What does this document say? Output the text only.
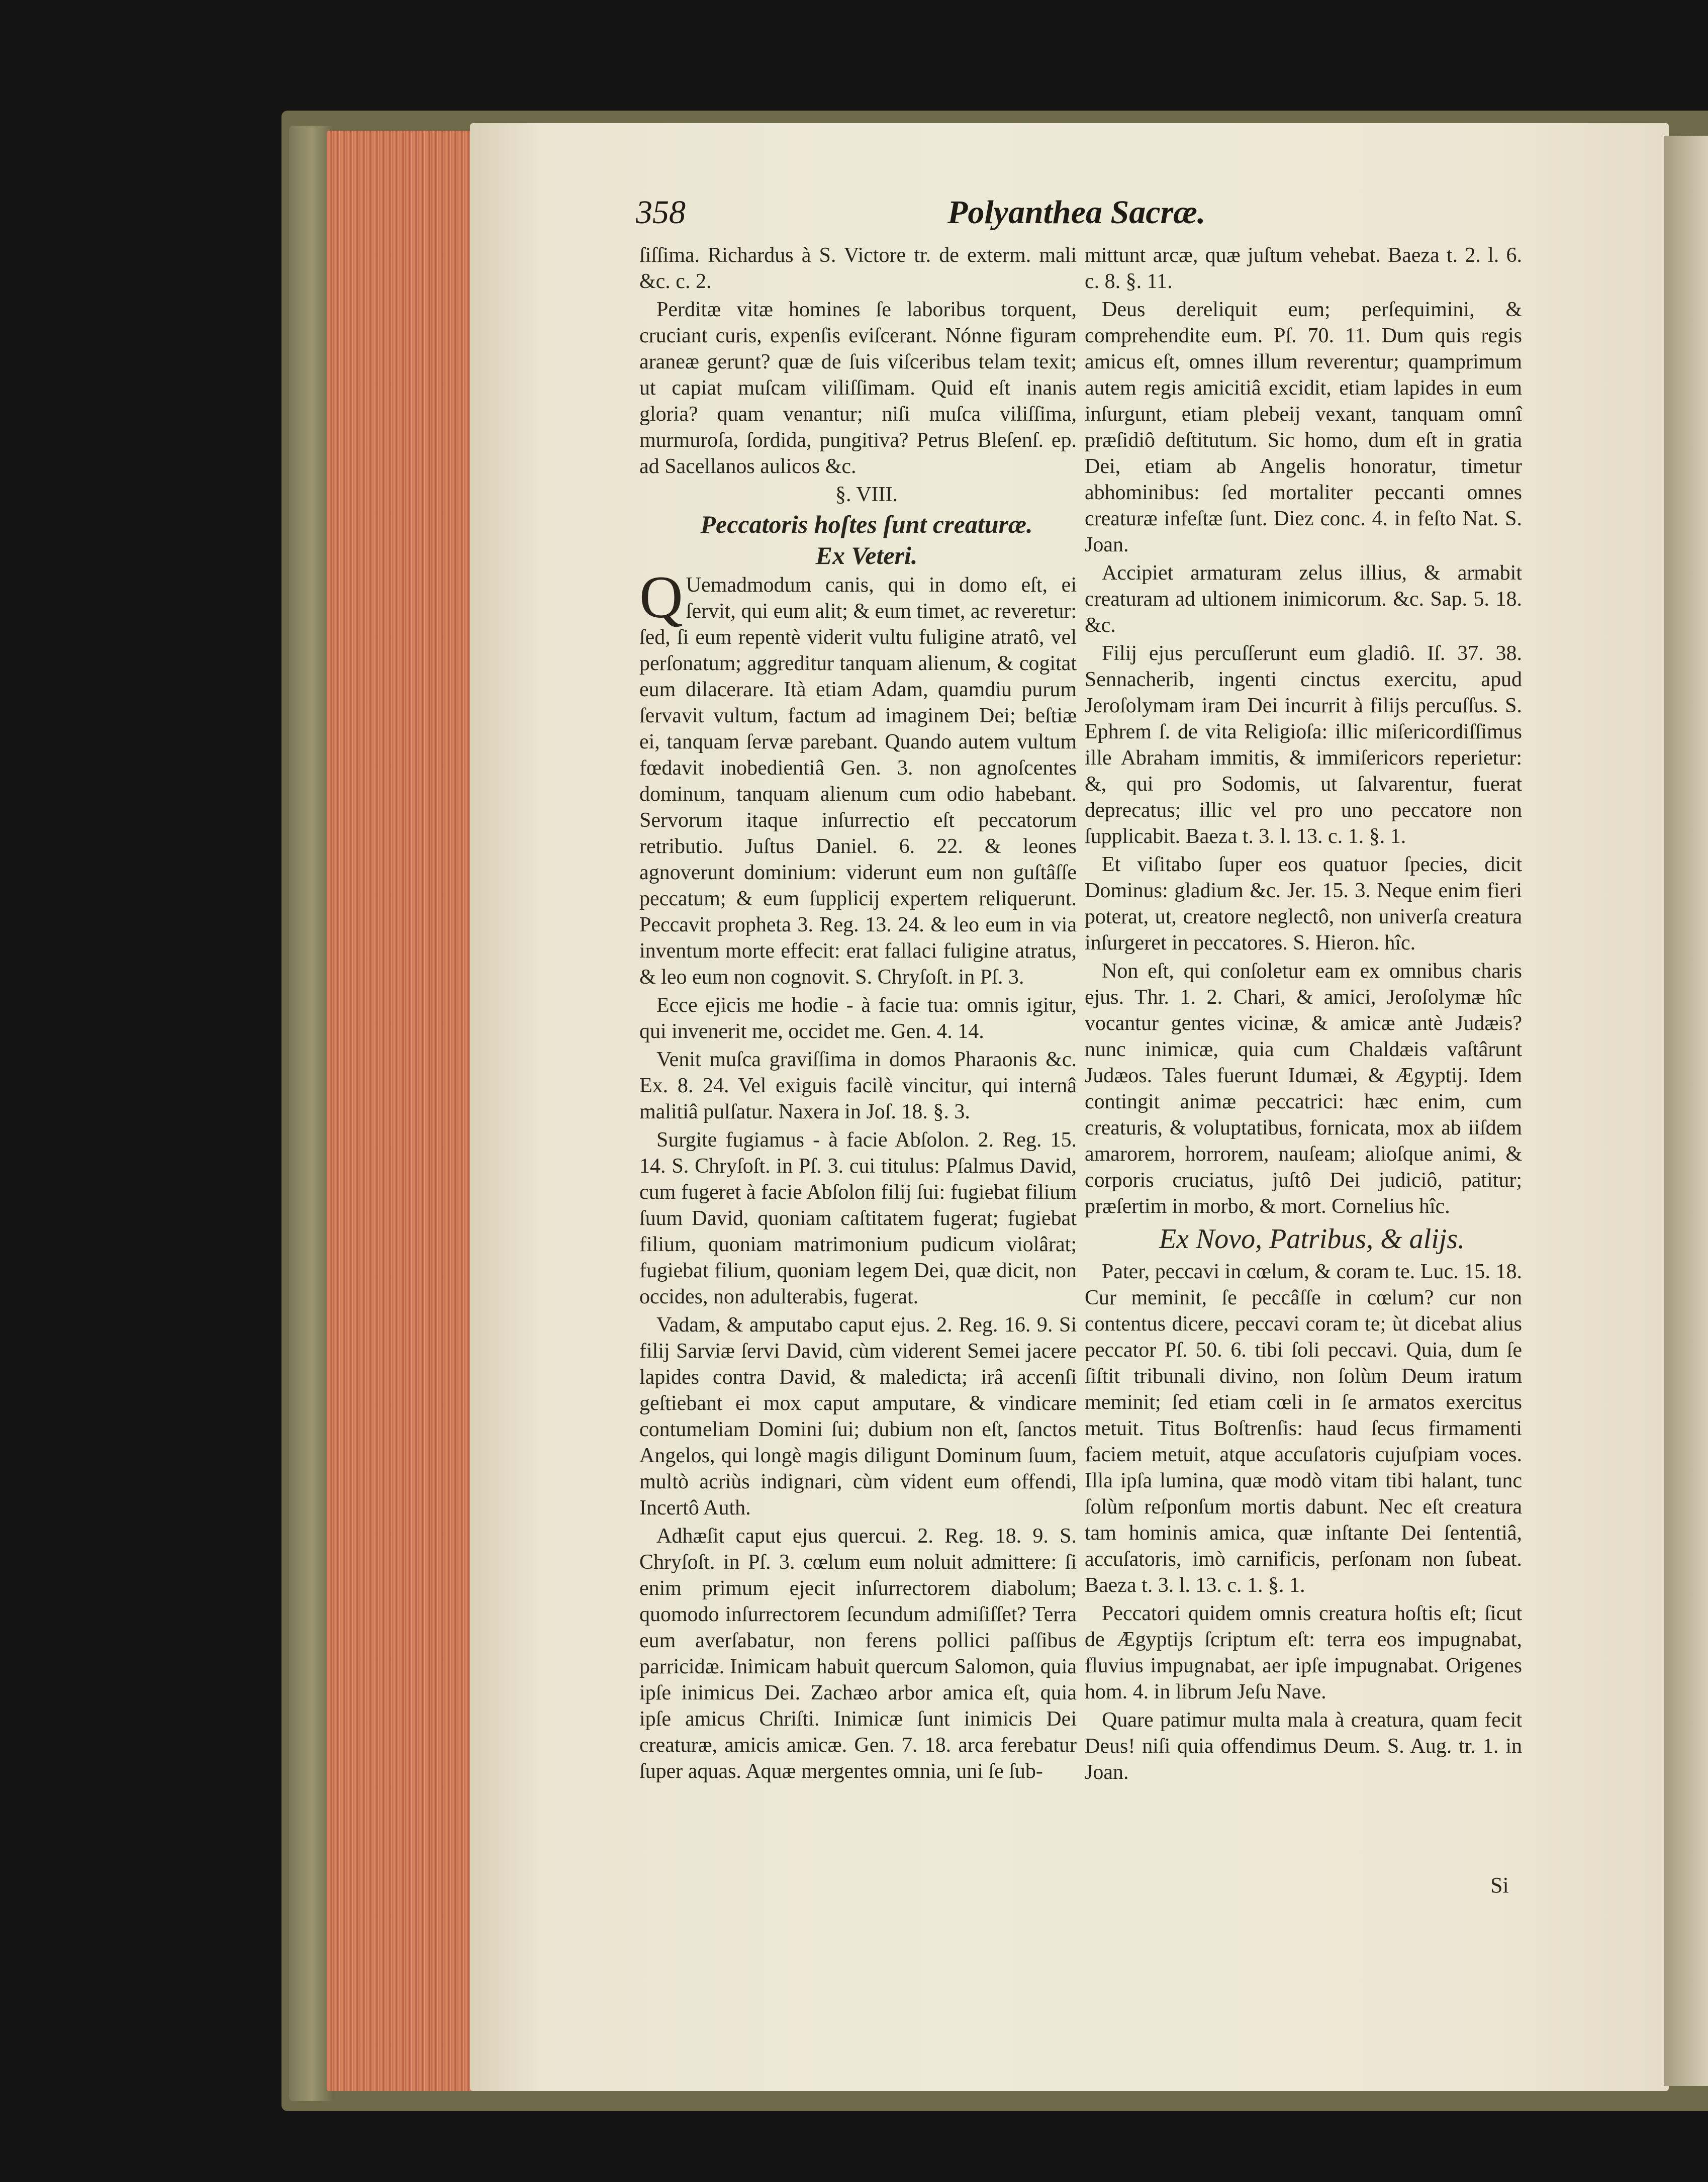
358	Polyanthea Sacræ.

ſiſſima. Richardus à S. Victore tr. de exterm. mali &c. c. 2.

Perditæ vitæ homines ſe laboribus torquent, cruciant curis, expenſis eviſcerant. Nónne figuram araneæ gerunt? quæ de ſuis viſceribus telam texit; ut capiat muſcam viliſſimam. Quid eſt inanis gloria? quam venantur; niſi muſca viliſſima, murmuroſa, ſordida, pungitiva? Petrus Bleſenſ. ep. ad Sacellanos aulicos &c.

§. VIII.

Peccatoris hoſtes ſunt creaturæ.

Ex Veteri.

QUemadmodum canis, qui in domo eſt, ei ſervit, qui eum alit; & eum timet, ac reveretur: ſed, ſi eum repentè viderit vultu fuligine atratô, vel perſonatum; aggreditur tanquam alienum, & cogitat eum dilacerare. Ità etiam Adam, quamdiu purum ſervavit vultum, factum ad imaginem Dei; beſtiæ ei, tanquam ſervæ parebant. Quando autem vultum fœdavit inobedientiâ Gen. 3. non agnoſcentes dominum, tanquam alienum cum odio habebant. Servorum itaque inſurrectio eſt peccatorum retributio. Juſtus Daniel. 6. 22. & leones agnoverunt dominium: viderunt eum non guſtâſſe peccatum; & eum ſupplicij expertem reliquerunt. Peccavit propheta 3. Reg. 13. 24. & leo eum in via inventum morte effecit: erat fallaci fuligine atratus, & leo eum non cognovit. S. Chryſoſt. in Pſ. 3.

Ecce ejicis me hodie - à facie tua: omnis igitur, qui invenerit me, occidet me. Gen. 4. 14.

Venit muſca graviſſima in domos Pharaonis &c. Ex. 8. 24. Vel exiguis facilè vincitur, qui internâ malitiâ pulſatur. Naxera in Joſ. 18. §. 3.

Surgite fugiamus - à facie Abſolon. 2. Reg. 15. 14. S. Chryſoſt. in Pſ. 3. cui titulus: Pſalmus David, cum fugeret à facie Abſolon filij ſui: fugiebat filium ſuum David, quoniam caſtitatem fugerat; fugiebat filium, quoniam matrimonium pudicum violârat; fugiebat filium, quoniam legem Dei, quæ dicit, non occides, non adulterabis, fugerat.

Vadam, & amputabo caput ejus. 2. Reg. 16. 9. Si filij Sarviæ ſervi David, cùm viderent Semei jacere lapides contra David, & maledicta; irâ accenſi geſtiebant ei mox caput amputare, & vindicare contumeliam Domini ſui; dubium non eſt, ſanctos Angelos, qui longè magis diligunt Dominum ſuum, multò acriùs indignari, cùm vident eum offendi, Incertô Auth.

Adhæſit caput ejus quercui. 2. Reg. 18. 9. S. Chryſoſt. in Pſ. 3. cœlum eum noluit admittere: ſi enim primum ejecit inſurrectorem diabolum; quomodo inſurrectorem ſecundum admiſiſſet? Terra eum averſabatur, non ferens pollici paſſibus parricidæ. Inimicam habuit quercum Salomon, quia ipſe inimicus Dei. Zachæo arbor amica eſt, quia ipſe amicus Chriſti. Inimicæ ſunt inimicis Dei creaturæ, amicis amicæ. Gen. 7. 18. arca ferebatur ſuper aquas. Aquæ mergentes omnia, uni ſe ſub-

mittunt arcæ, quæ juſtum vehebat. Baeza t. 2. l. 6. c. 8. §. 11.

Deus dereliquit eum; perſequimini, & comprehendite eum. Pſ. 70. 11. Dum quis regis amicus eſt, omnes illum reverentur; quamprimum autem regis amicitiâ excidit, etiam lapides in eum inſurgunt, etiam plebeij vexant, tanquam omnî præſidiô deſtitutum. Sic homo, dum eſt in gratia Dei, etiam ab Angelis honoratur, timetur abhominibus: ſed mortaliter peccanti omnes creaturæ infeſtæ ſunt. Diez conc. 4. in feſto Nat. S. Joan.

Accipiet armaturam zelus illius, & armabit creaturam ad ultionem inimicorum. &c. Sap. 5. 18. &c.

Filij ejus percuſſerunt eum gladiô. Iſ. 37. 38. Sennacherib, ingenti cinctus exercitu, apud Jeroſolymam iram Dei incurrit à filijs percuſſus. S. Ephrem ſ. de vita Religioſa: illic miſericordiſſimus ille Abraham immitis, & immiſericors reperietur: &, qui pro Sodomis, ut ſalvarentur, fuerat deprecatus; illic vel pro uno peccatore non ſupplicabit. Baeza t. 3. l. 13. c. 1. §. 1.

Et viſitabo ſuper eos quatuor ſpecies, dicit Dominus: gladium &c. Jer. 15. 3. Neque enim fieri poterat, ut, creatore neglectô, non univerſa creatura inſurgeret in peccatores. S. Hieron. hîc.

Non eſt, qui conſoletur eam ex omnibus charis ejus. Thr. 1. 2. Chari, & amici, Jeroſolymæ hîc vocantur gentes vicinæ, & amicæ antè Judæis? nunc inimicæ, quia cum Chaldæis vaſtârunt Judæos. Tales fuerunt Idumæi, & Ægyptij. Idem contingit animæ peccatrici: hæc enim, cum creaturis, & voluptatibus, fornicata, mox ab iiſdem amarorem, horrorem, nauſeam; alioſque animi, & corporis cruciatus, juſtô Dei judiciô, patitur; præſertim in morbo, & mort. Cornelius hîc.

Ex Novo, Patribus, & alijs.

Pater, peccavi in cœlum, & coram te. Luc. 15. 18. Cur meminit, ſe peccâſſe in cœlum? cur non contentus dicere, peccavi coram te; ùt dicebat alius peccator Pſ. 50. 6. tibi ſoli peccavi. Quia, dum ſe ſiſtit tribunali divino, non ſolùm Deum iratum meminit; ſed etiam cœli in ſe armatos exercitus metuit. Titus Boſtrenſis: haud ſecus firmamenti faciem metuit, atque accuſatoris cujuſpiam voces. Illa ipſa lumina, quæ modò vitam tibi halant, tunc ſolùm reſponſum mortis dabunt. Nec eſt creatura tam hominis amica, quæ inſtante Dei ſententiâ, accuſatoris, imò carnificis, perſonam non ſubeat. Baeza t. 3. l. 13. c. 1. §. 1.

Peccatori quidem omnis creatura hoſtis eſt; ſicut de Ægyptijs ſcriptum eſt: terra eos impugnabat, fluvius impugnabat, aer ipſe impugnabat. Origenes hom. 4. in librum Jeſu Nave.

Quare patimur multa mala à creatura, quam fecit Deus! niſi quia offendimus Deum. S. Aug. tr. 1. in Joan.

Si
